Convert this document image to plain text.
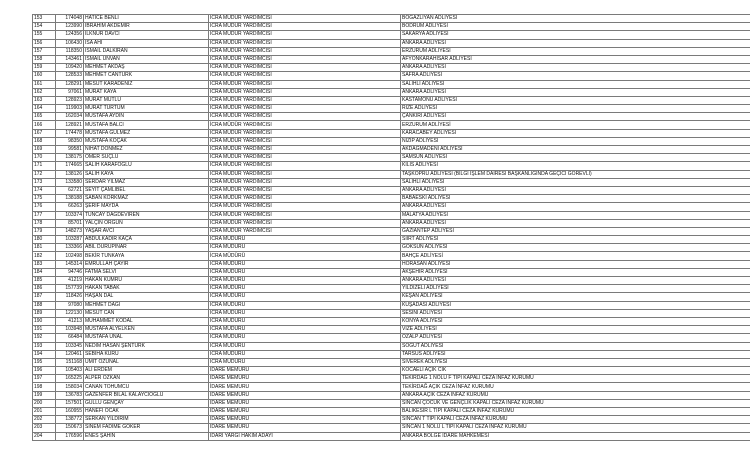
153	174048	HATİCE BENLİ	İCRA MÜDÜR YARDIMCISI	BOĞAZLIYAN ADLİYESİ
154	123990	İBRAHİM AKDEMİR	İCRA MÜDÜR YARDIMCISI	BODRUM ADLİYESİ
155	124356	İLKNUR DAVCI	İCRA MÜDÜR YARDIMCISI	SAKARYA ADLİYESİ
156	106430	İSA AHİ	İCRA MÜDÜR YARDIMCISI	ANKARA ADLİYESİ
157	118350	İSMAİL DALKIRAN	İCRA MÜDÜR YARDIMCISI	ERZURUM ADLİYESİ
158	143461	İSMAİL UNVAN	İCRA MÜDÜR YARDIMCISI	AFYONKARAHİSAR ADLİYESİ
159	109420	MEHMET AKDAŞ	İCRA MÜDÜR YARDIMCISI	ANKARA ADLİYESİ
160	128533	MEHMET CANTÜRK	İCRA MÜDÜR YARDIMCISI	SAFRA ADLİYESİ
161	128291	MESUT KARADENİZ	İCRA MÜDÜR YARDIMCISI	SALİHLİ ADLİYESİ
162	97061	MURAT KAYA	İCRA MÜDÜR YARDIMCISI	ANKARA ADLİYESİ
163	128923	MURAT MUTLU	İCRA MÜDÜR YARDIMCISI	KASTAMONU ADLİYESİ
164	119903	MURAT TÜRTÜM	İCRA MÜDÜR YARDIMCISI	RİZE ADLİYESİ
165	162034	MUSTAFA AYDIN	İCRA MÜDÜR YARDIMCISI	ÇANKIRI ADLİYESİ
166	128921	MUSTAFA BALCI	İCRA MÜDÜR YARDIMCISI	ERZURUM ADLİYESİ
167	174478	MUSTAFA GÜLMEZ	İCRA MÜDÜR YARDIMCISI	KARACABEY ADLİYESİ
168	98350	MUSTAFA KOÇAK	İCRA MÜDÜR YARDIMCISI	NİZİP ADLİYESİ
169	99581	NİHAT DÖNMEZ	İCRA MÜDÜR YARDIMCISI	AKDAĞMADENİ ADLİYESİ
170	138175	ÖMER SUÇLU	İCRA MÜDÜR YARDIMCISI	SAMSUN ADLİYESİ
171	174665	SALİH KARAFOĞLU	İCRA MÜDÜR YARDIMCISI	KİLİS ADLİYESİ
172	138126	SALİH KAYA	İCRA MÜDÜR YARDIMCISI	TAŞKÖPRÜ ADLİYESİ (BİLGİ İŞLEM DAİRESİ BAŞKANLIĞINDA GEÇİCİ GÖREVLİ)
173	133580	SERDAR YILMAZ	İCRA MÜDÜR YARDIMCISI	SALİHLİ ADLİYESİ
174	62721	SEYİT ÇAMLIBEL	İCRA MÜDÜR YARDIMCISI	ANKARA ADLİYESİ
175	138188	SABAN KORKMAZ	İCRA MÜDÜR YARDIMCISI	BABAESKİ ADLİYESİ
176	66263	ŞERİF MAYDA	İCRA MÜDÜR YARDIMCISI	ANKARA ADLİYESİ
177	103374	TUNCAY DAĞDEVİREN	İCRA MÜDÜR YARDIMCISI	MALATYA ADLİYESİ
178	85701	YALÇIN ORGUN	İCRA MÜDÜR YARDIMCISI	ANKARA ADLİYESİ
179	148273	YAŞAR AVCI	İCRA MÜDÜR YARDIMCISI	GAZİANTEP ADLİYESİ
180	103287	ABDULKADİR KAÇA	İCRA MÜDÜRÜ	SİİRT ADLİYESİ
181	133366	ABİL DURUPINAR	İCRA MÜDÜRÜ	GÖKSUN ADLİYESİ
182	102498	BEKİR TUNKAYA	İCRA MÜDÜRÜ	BAHÇE ADLİYESİ
183	145314	EMRULLAH ÇAYIR	İCRA MÜDÜRÜ	HORASAN ADLİYESİ
184	94746	FATMA SELVİ	İCRA MÜDÜRÜ	AKŞEHİR ADLİYESİ
185	41219	HAKAN KUMRU	İCRA MÜDÜRÜ	ANKARA ADLİYESİ
186	157739	HAKAN TABAK	İCRA MÜDÜRÜ	YILDIZELİ ADLİYESİ
187	118426	HAŞAN DAL	İCRA MÜDÜRÜ	KEŞAN ADLİYESİ
188	97080	MEHMET DAĞI	İCRA MÜDÜRÜ	KUŞADASI ADLİYESİ
189	122130	MESUT CAN	İCRA MÜDÜRÜ	SESİNİ ADLİYESİ
190	41213	MUHAMMET KODAL	İCRA MÜDÜRÜ	KONYA ADLİYESİ
191	103948	MUSTAFA ALYELKEN	İCRA MÜDÜRÜ	VİZE ADLİYESİ
192	66484	MUSTAFA ÜNAL	İCRA MÜDÜRÜ	ÖZALP ADLİYESİ
193	103345	NEDİM HASAN ŞENTÜRK	İCRA MÜDÜRÜ	SOĞUT ADLİYESİ
194	120461	SEBİHA KURU	İCRA MÜDÜRÜ	TARSUS ADLİYESİ
195	151168	ÜMİT ÖZUNAL	İCRA MÜDÜRÜ	SİVEREK ADLİYESİ
196	105403	ALİ ERDEM	İDARE MEMURU	KOCAELİ AÇIK CİK
197	165225	ALPER ÖZKAN	İDARE MEMURU	TEKİRDAĞ 1 NOLU F TİPİ KAPALI CEZA İNFAZ KURUMU
198	158034	CANAN TOHUMCU	İDARE MEMURU	TEKİRDAĞ AÇIK CEZA İNFAZ KURUMU
199	136783	GAZENFER BİLAL KALAYCIOĞLU	İDARE MEMURU	ANKARA AÇIK CEZA İNFAZ KURUMU
200	157501	GÜLLÜ GENÇAY	İDARE MEMURU	SİNCAN ÇOCUK VE GENÇLİK KAPALI CEZA İNFAZ KURUMU
201	160955	HANEFİ OCAK	İDARE MEMURU	BALIKESİR L TİPİ KAPALI CEZA İNFAZ KURUMU
202	138772	SERKAN YILDIRIM	İDARE MEMURU	SİNCAN T TİPİ KAPALI CEZA İNFAZ KURUMU
203	150673	SİNEM FADİME GÖKER	İDARE MEMURU	SİNCAN 1 NOLU L TİPİ KAPALI CEZA İNFAZ KURUMU
204	176596	ENES ŞAHİN	İDARİ YARGI HAKİM ADAYI	ANKARA BÖLGE İDARE MAHKEMESİ
